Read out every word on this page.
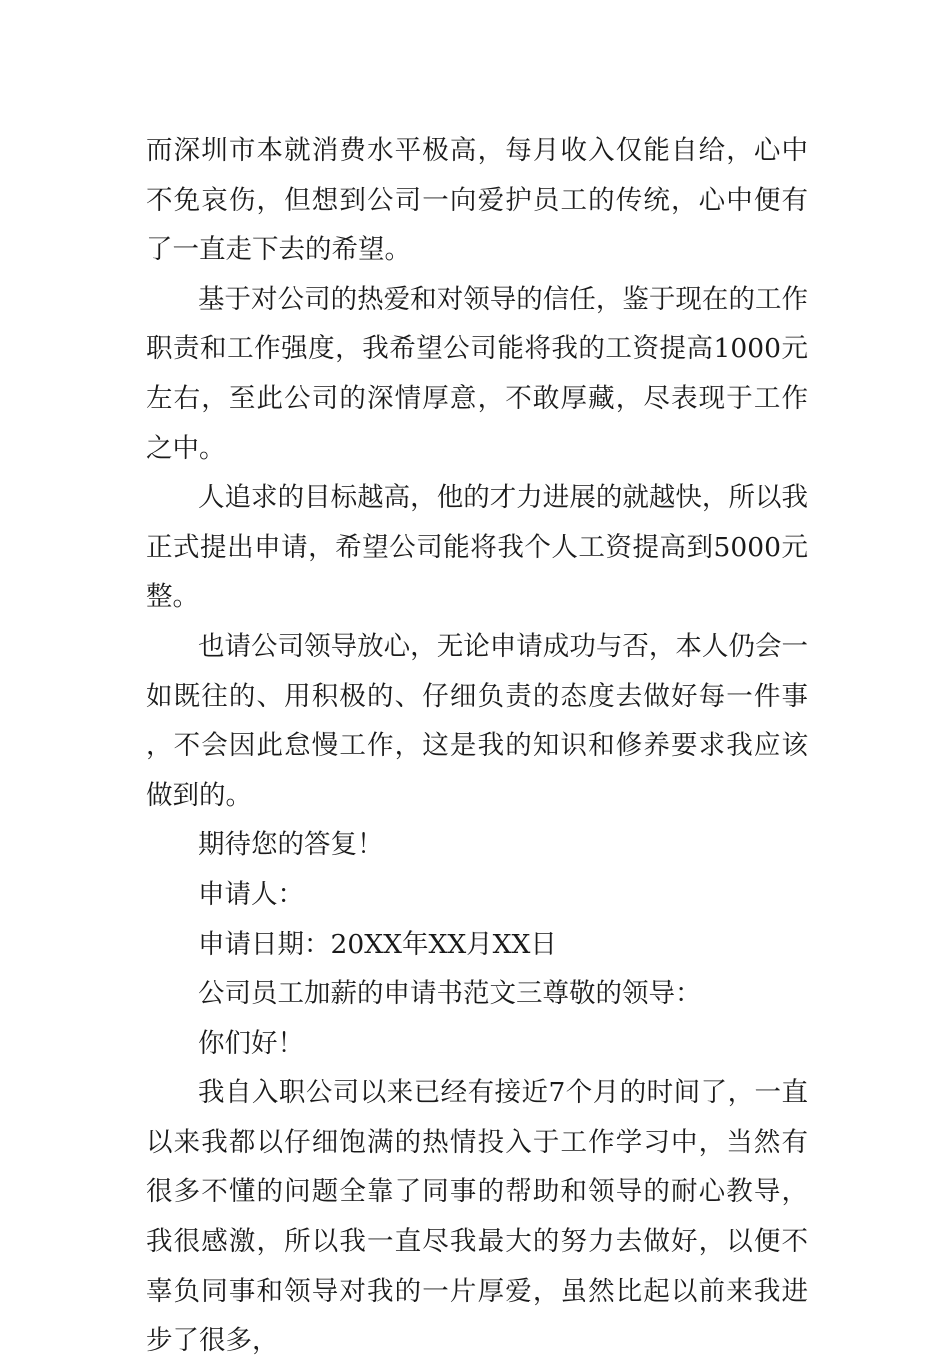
而深圳市本就消费水平极高，每月收入仅能自给，心中不免哀伤，但想到公司一向爱护员工的传统，心中便有了一直走下去的希望。

基于对公司的热爱和对领导的信任，鉴于现在的工作职责和工作强度，我希望公司能将我的工资提高1000元左右，至此公司的深情厚意，不敢厚藏，尽表现于工作之中。

人追求的目标越高，他的才力进展的就越快，所以我正式提出申请，希望公司能将我个人工资提高到5000元整。

也请公司领导放心，无论申请成功与否，本人仍会一如既往的、用积极的、仔细负责的态度去做好每一件事，不会因此怠慢工作，这是我的知识和修养要求我应该做到的。

期待您的答复！

申请人：

申请日期：20XX年XX月XX日

公司员工加薪的申请书范文三尊敬的领导：

你们好！

我自入职公司以来已经有接近7个月的时间了，一直以来我都以仔细饱满的热情投入于工作学习中，当然有很多不懂的问题全靠了同事的帮助和领导的耐心教导，我很感激，所以我一直尽我最大的努力去做好，以便不辜负同事和领导对我的一片厚爱，虽然比起以前来我进步了很多，
